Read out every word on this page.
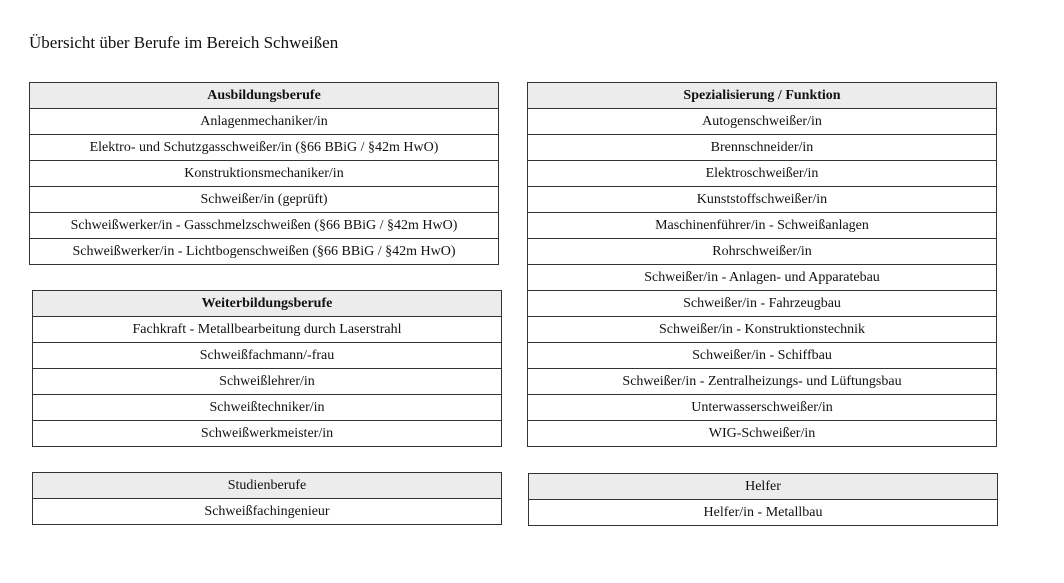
Übersicht über Berufe im Bereich Schweißen
Ausbildungsberufe
Anlagenmechaniker/in
Elektro- und Schutzgasschweißer/in (§66 BBiG / §42m HwO)
Konstruktionsmechaniker/in
Schweißer/in (geprüft)
Schweißwerker/in - Gasschmelzschweißen (§66 BBiG / §42m HwO)
Schweißwerker/in - Lichtbogenschweißen (§66 BBiG / §42m HwO)
Weiterbildungsberufe
Fachkraft - Metallbearbeitung durch Laserstrahl
Schweißfachmann/-frau
Schweißlehrer/in
Schweißtechniker/in
Schweißwerkmeister/in
Studienberufe
Schweißfachingenieur
Spezialisierung / Funktion
Autogenschweißer/in
Brennschneider/in
Elektroschweißer/in
Kunststoffschweißer/in
Maschinenführer/in - Schweißanlagen
Rohrschweißer/in
Schweißer/in - Anlagen- und Apparatebau
Schweißer/in - Fahrzeugbau
Schweißer/in - Konstruktionstechnik
Schweißer/in - Schiffbau
Schweißer/in - Zentralheizungs- und Lüftungsbau
Unterwasserschweißer/in
WIG-Schweißer/in
Helfer
Helfer/in - Metallbau
